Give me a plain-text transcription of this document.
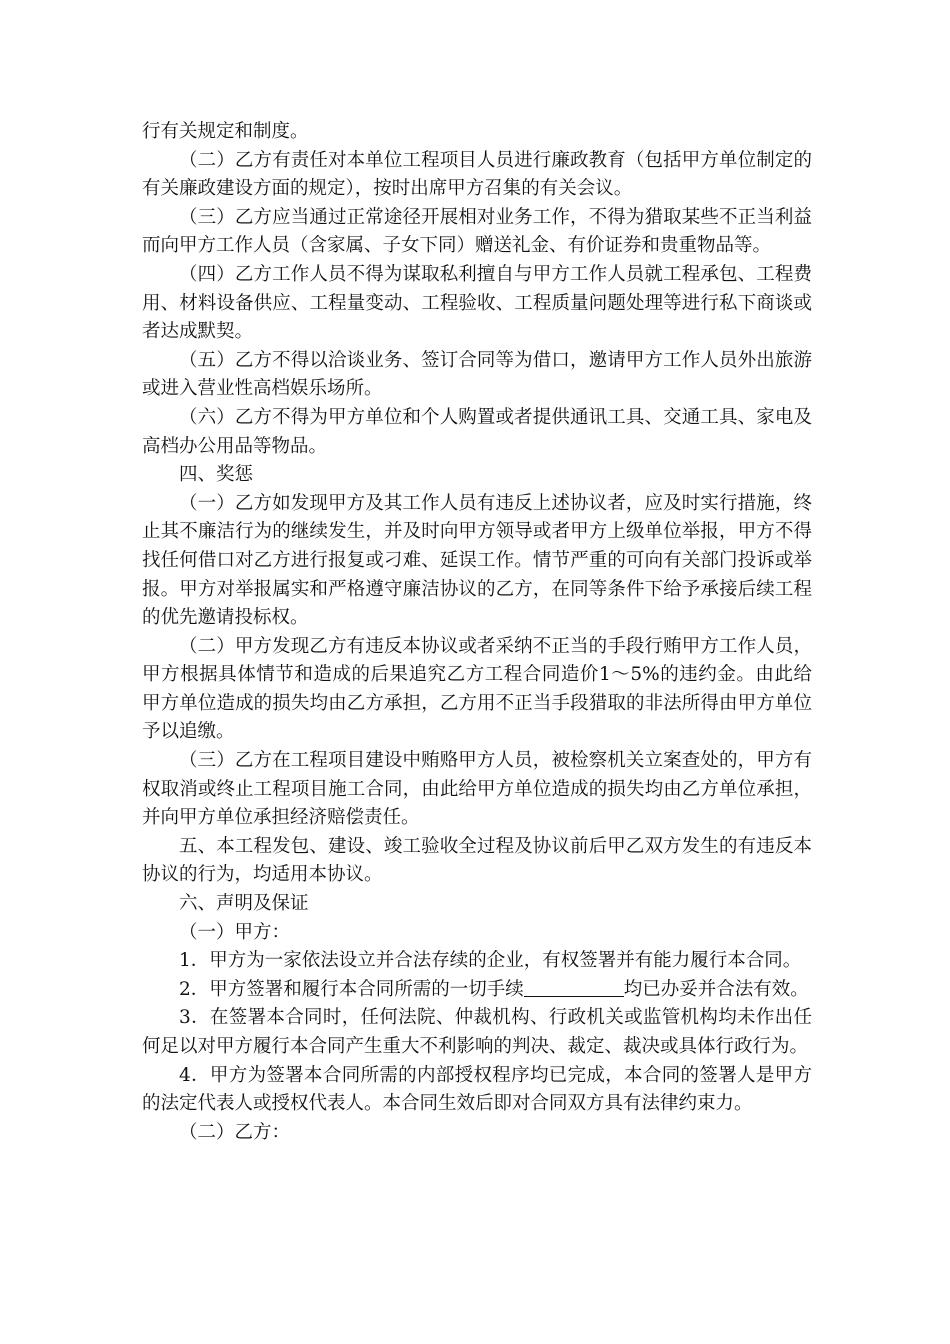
行有关规定和制度。

（二）乙方有责任对本单位工程项目人员进行廉政教育（包括甲方单位制定的有关廉政建设方面的规定），按时出席甲方召集的有关会议。

（三）乙方应当通过正常途径开展相对业务工作，不得为猎取某些不正当利益而向甲方工作人员（含家属、子女下同）赠送礼金、有价证券和贵重物品等。

（四）乙方工作人员不得为谋取私利擅自与甲方工作人员就工程承包、工程费用、材料设备供应、工程量变动、工程验收、工程质量问题处理等进行私下商谈或者达成默契。

（五）乙方不得以洽谈业务、签订合同等为借口，邀请甲方工作人员外出旅游或进入营业性高档娱乐场所。

（六）乙方不得为甲方单位和个人购置或者提供通讯工具、交通工具、家电及高档办公用品等物品。

四、奖惩

（一）乙方如发现甲方及其工作人员有违反上述协议者，应及时实行措施，终止其不廉洁行为的继续发生，并及时向甲方领导或者甲方上级单位举报，甲方不得找任何借口对乙方进行报复或刁难、延误工作。情节严重的可向有关部门投诉或举报。甲方对举报属实和严格遵守廉洁协议的乙方，在同等条件下给予承接后续工程的优先邀请投标权。

（二）甲方发现乙方有违反本协议或者采纳不正当的手段行贿甲方工作人员，甲方根据具体情节和造成的后果追究乙方工程合同造价1～5%的违约金。由此给甲方单位造成的损失均由乙方承担，乙方用不正当手段猎取的非法所得由甲方单位予以追缴。

（三）乙方在工程项目建设中贿赂甲方人员，被检察机关立案查处的，甲方有权取消或终止工程项目施工合同，由此给甲方单位造成的损失均由乙方单位承担，并向甲方单位承担经济赔偿责任。

五、本工程发包、建设、竣工验收全过程及协议前后甲乙双方发生的有违反本协议的行为，均适用本协议。

六、声明及保证

（一）甲方：

1．甲方为一家依法设立并合法存续的企业，有权签署并有能力履行本合同。

2．甲方签署和履行本合同所需的一切手续	均已办妥并合法有效。

3．在签署本合同时，任何法院、仲裁机构、行政机关或监管机构均未作出任何足以对甲方履行本合同产生重大不利影响的判决、裁定、裁决或具体行政行为。

4．甲方为签署本合同所需的内部授权程序均已完成，本合同的签署人是甲方的法定代表人或授权代表人。本合同生效后即对合同双方具有法律约束力。

（二）乙方：
